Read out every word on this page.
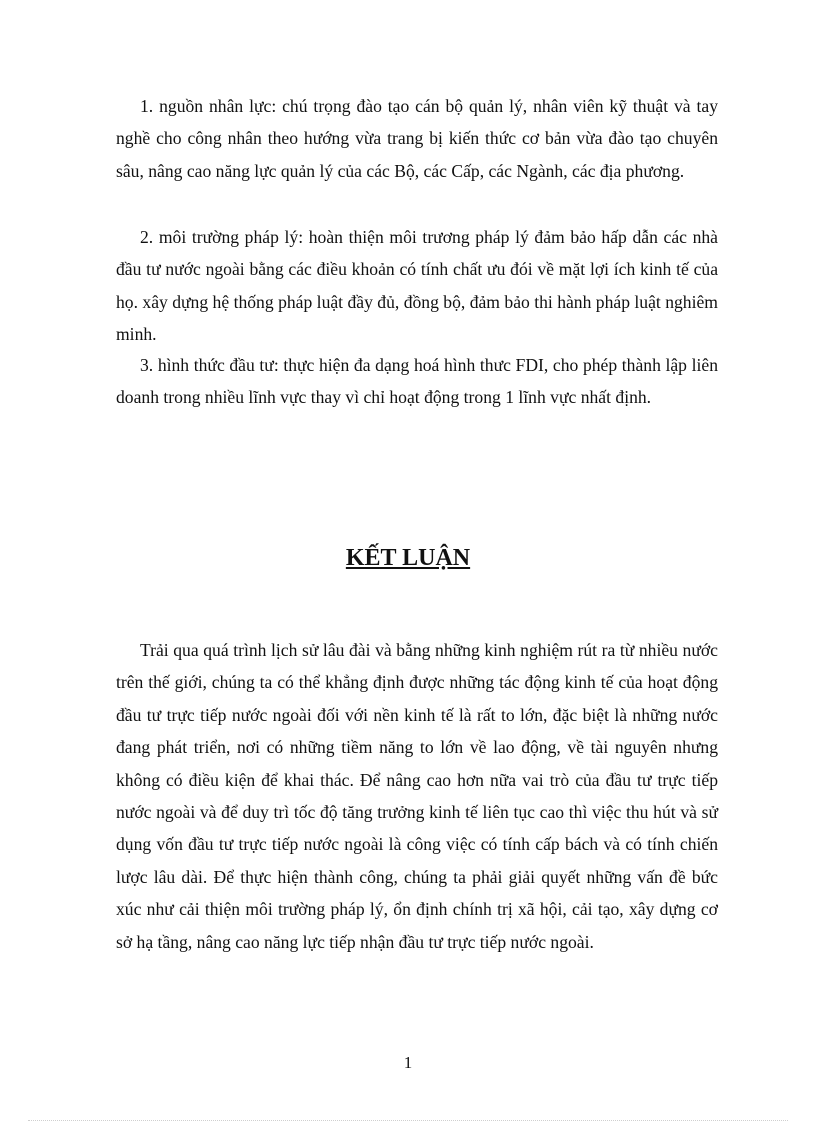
1. nguồn nhân lực: chú trọng đào tạo cán bộ quản lý, nhân viên kỹ thuật và tay nghề cho công nhân theo hướng vừa trang bị kiến thức cơ bản vừa đào tạo chuyên sâu, nâng cao năng lực quản lý của các Bộ, các Cấp, các Ngành, các địa phương.

2. môi trường pháp lý: hoàn thiện môi trương pháp lý đảm bảo hấp dẫn các nhà đầu tư nước ngoài bằng các điều khoản có tính chất ưu đói về mặt lợi ích kinh tế của họ. xây dựng hệ thống pháp luật đầy đủ, đồng bộ, đảm bảo thi hành pháp luật nghiêm minh.

3. hình thức đầu tư: thực hiện đa dạng hoá hình thưc FDI, cho phép thành lập liên doanh trong nhiều lĩnh vực thay vì chỉ hoạt động trong 1 lĩnh vực nhất định.

KẾT LUẬN

Trải qua quá trình lịch sử lâu đài và bằng những kinh nghiệm rút ra từ nhiều nước trên thế giới, chúng ta có thể khẳng định được những tác động kinh tế của hoạt động đầu tư trực tiếp nước ngoài đối với nền kinh tế là rất to lớn, đặc biệt là những nước đang phát triển, nơi có những tiềm năng to lớn về lao động, về tài nguyên nhưng không có điều kiện để khai thác. Để nâng cao hơn nữa vai trò của đầu tư trực tiếp nước ngoài và để duy trì tốc độ tăng trưởng kinh tế liên tục cao thì việc thu hút và sử dụng vốn đầu tư trực tiếp nước ngoài là công việc có tính cấp bách và có tính chiến lược lâu dài. Để thực hiện thành công, chúng ta phải giải quyết những vấn đề bức xúc như cải thiện môi trường pháp lý, ổn định chính trị xã hội, cải tạo, xây dựng cơ sở hạ tầng, nâng cao năng lực tiếp nhận đầu tư trực tiếp nước ngoài.

1
